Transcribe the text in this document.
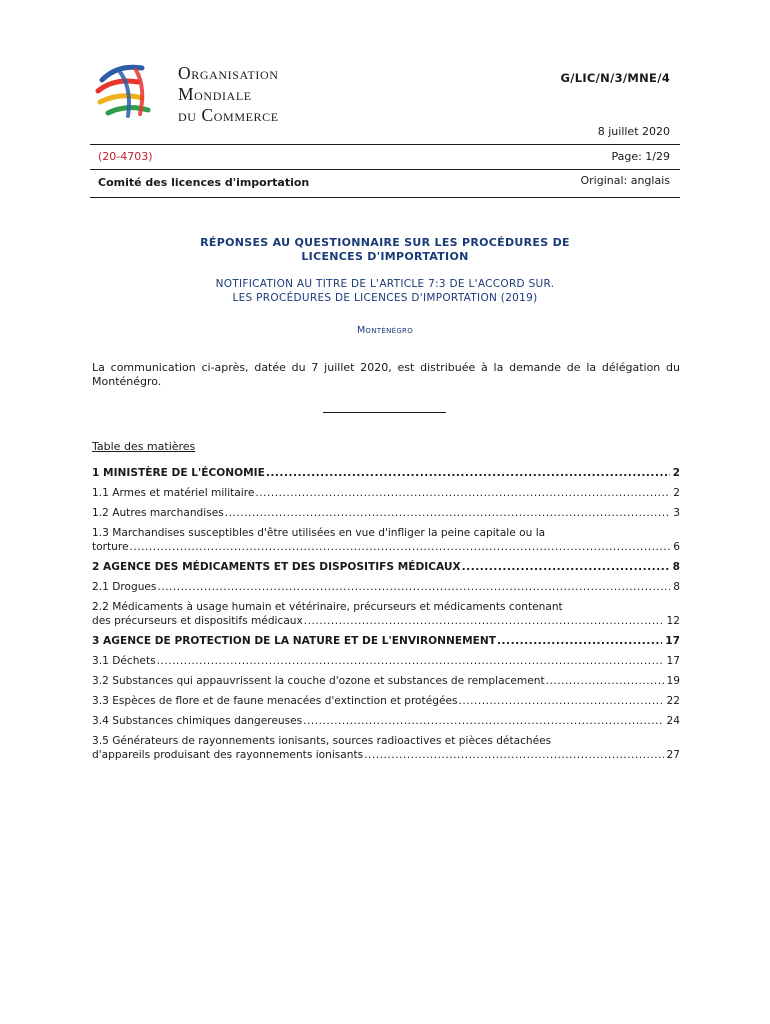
Organisation
Mondiale
du Commerce
G/LIC/N/3/MNE/4
8 juillet 2020
(20-4703)	Page: 1/29
Comité des licences d'importation	Original: anglais
RÉPONSES AU QUESTIONNAIRE SUR LES PROCÉDURES DE
LICENCES D'IMPORTATION
NOTIFICATION AU TITRE DE L'ARTICLE 7:3 DE L'ACCORD SUR.
LES PROCÉDURES DE LICENCES D'IMPORTATION (2019)
Monténégro
La communication ci-après, datée du 7 juillet 2020, est distribuée à la demande de la délégation du Monténégro.
Table des matières
1 MINISTÈRE DE L'ÉCONOMIE .....	2
1.1 Armes et matériel militaire .....	2
1.2 Autres marchandises .....	3
1.3 Marchandises susceptibles d'être utilisées en vue d'infliger la peine capitale ou la
torture .....	6
2 AGENCE DES MÉDICAMENTS ET DES DISPOSITIFS MÉDICAUX .....	8
2.1 Drogues .....	8
2.2 Médicaments à usage humain et vétérinaire, précurseurs et médicaments contenant
des précurseurs et dispositifs médicaux .....	12
3 AGENCE DE PROTECTION DE LA NATURE ET DE L'ENVIRONNEMENT .....	17
3.1 Déchets .....	17
3.2 Substances qui appauvrissent la couche d'ozone et substances de remplacement .....	19
3.3 Espèces de flore et de faune menacées d'extinction et protégées .....	22
3.4 Substances chimiques dangereuses .....	24
3.5 Générateurs de rayonnements ionisants, sources radioactives et pièces détachées
d'appareils produisant des rayonnements ionisants .....	27
